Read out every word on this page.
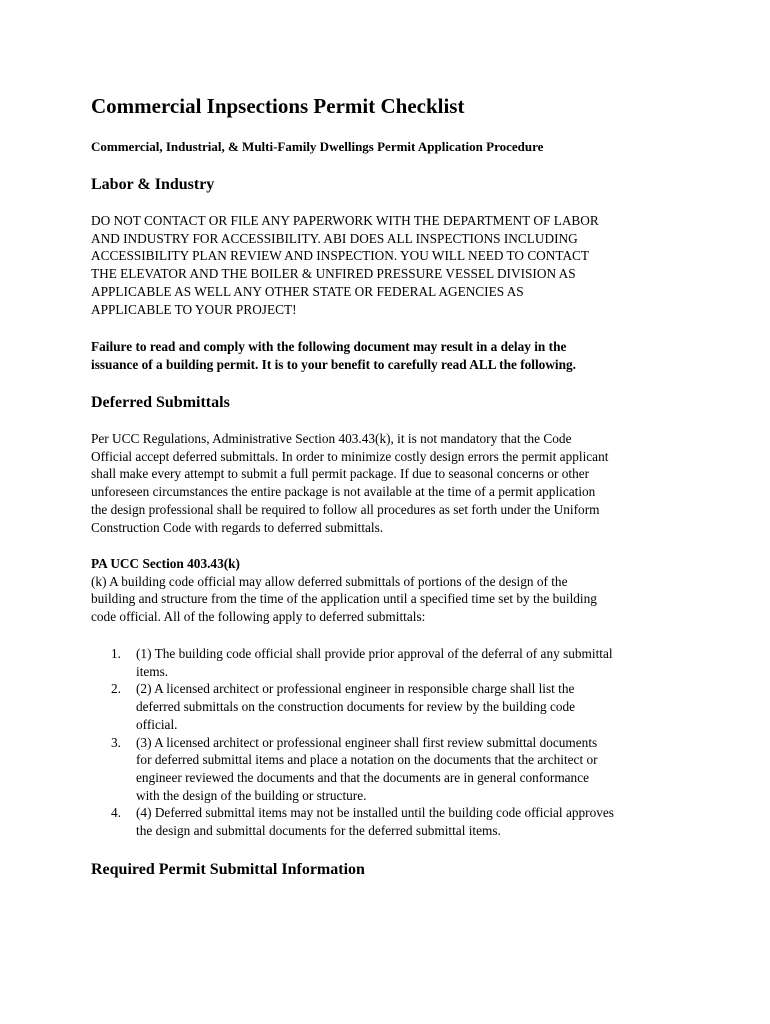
Commercial Inpsections Permit Checklist

Commercial, Industrial, & Multi-Family Dwellings Permit Application Procedure

Labor & Industry

DO NOT CONTACT OR FILE ANY PAPERWORK WITH THE DEPARTMENT OF LABOR
AND INDUSTRY FOR ACCESSIBILITY. ABI DOES ALL INSPECTIONS INCLUDING
ACCESSIBILITY PLAN REVIEW AND INSPECTION. YOU WILL NEED TO CONTACT
THE ELEVATOR AND THE BOILER & UNFIRED PRESSURE VESSEL DIVISION AS
APPLICABLE AS WELL ANY OTHER STATE OR FEDERAL AGENCIES AS
APPLICABLE TO YOUR PROJECT!

Failure to read and comply with the following document may result in a delay in the
issuance of a building permit. It is to your benefit to carefully read ALL the following.

Deferred Submittals

Per UCC Regulations, Administrative Section 403.43(k), it is not mandatory that the Code
Official accept deferred submittals. In order to minimize costly design errors the permit applicant
shall make every attempt to submit a full permit package. If due to seasonal concerns or other
unforeseen circumstances the entire package is not available at the time of a permit application
the design professional shall be required to follow all procedures as set forth under the Uniform
Construction Code with regards to deferred submittals.

PA UCC Section 403.43(k)
(k) A building code official may allow deferred submittals of portions of the design of the
building and structure from the time of the application until a specified time set by the building
code official. All of the following apply to deferred submittals:

1. (1) The building code official shall provide prior approval of the deferral of any submittal
items.
2. (2) A licensed architect or professional engineer in responsible charge shall list the
deferred submittals on the construction documents for review by the building code
official.
3. (3) A licensed architect or professional engineer shall first review submittal documents
for deferred submittal items and place a notation on the documents that the architect or
engineer reviewed the documents and that the documents are in general conformance
with the design of the building or structure.
4. (4) Deferred submittal items may not be installed until the building code official approves
the design and submittal documents for the deferred submittal items.
Required Permit Submittal Information
